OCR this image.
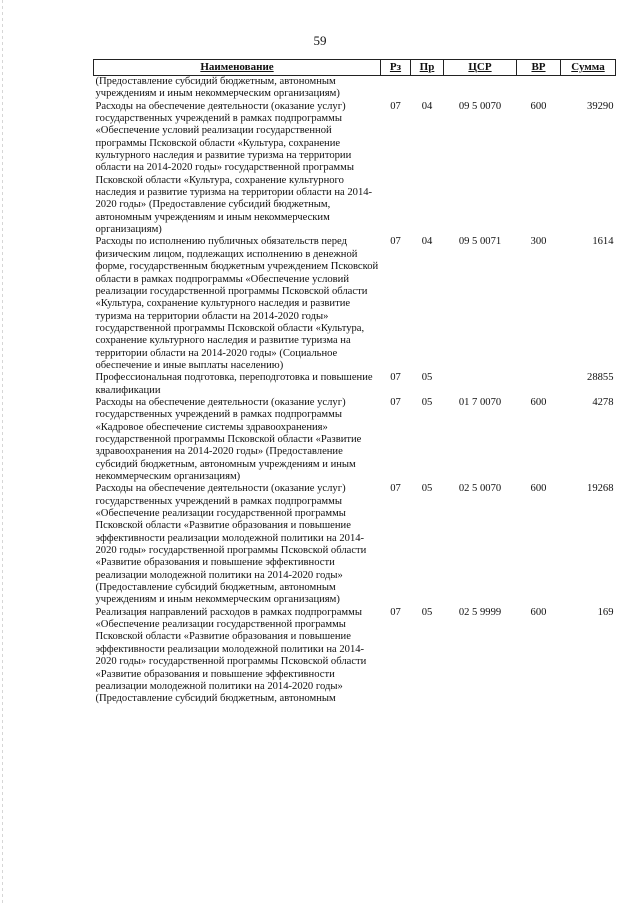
59
Наименование	Рз	Пр	ЦСР	ВР	Сумма
(Предоставление субсидий бюджетным, автономным учреждениям и иным некоммерческим организациям)					
Расходы на обеспечение деятельности (оказание услуг) государственных учреждений в рамках подпрограммы «Обеспечение условий реализации государственной программы Псковской области «Культура, сохранение культурного наследия и развитие туризма на территории области на 2014-2020 годы» государственной программы Псковской области «Культура, сохранение культурного наследия и развитие туризма на территории области на 2014-2020 годы» (Предоставление субсидий бюджетным, автономным учреждениям и иным некоммерческим организациям)	07	04	09 5 0070	600	39290
Расходы по исполнению публичных обязательств перед физическим лицом, подлежащих исполнению в денежной форме, государственным бюджетным учреждением Псковской области в рамках подпрограммы «Обеспечение условий реализации государственной программы Псковской области «Культура, сохранение культурного наследия и развитие туризма на территории области на 2014-2020 годы» государственной программы Псковской области «Культура, сохранение культурного наследия и развитие туризма на территории области на 2014-2020 годы» (Социальное обеспечение и иные выплаты населению)	07	04	09 5 0071	300	1614
Профессиональная подготовка, переподготовка и повышение квалификации	07	05			28855
Расходы на обеспечение деятельности (оказание услуг) государственных учреждений в рамках подпрограммы «Кадровое обеспечение системы здравоохранения» государственной программы Псковской области «Развитие здравоохранения на 2014-2020 годы» (Предоставление субсидий бюджетным, автономным учреждениям и иным некоммерческим организациям)	07	05	01 7 0070	600	4278
Расходы на обеспечение деятельности (оказание услуг) государственных учреждений в рамках подпрограммы «Обеспечение реализации государственной программы Псковской области «Развитие образования и повышение эффективности реализации молодежной политики на 2014-2020 годы» государственной программы Псковской области «Развитие образования и повышение эффективности реализации молодежной политики на 2014-2020 годы» (Предоставление субсидий бюджетным, автономным учреждениям и иным некоммерческим организациям)	07	05	02 5 0070	600	19268
Реализация направлений расходов в рамках подпрограммы «Обеспечение реализации государственной программы Псковской области «Развитие образования и повышение эффективности реализации молодежной политики на 2014-2020 годы» государственной программы Псковской области «Развитие образования и повышение эффективности реализации молодежной политики на 2014-2020 годы» (Предоставление субсидий бюджетным, автономным	07	05	02 5 9999	600	169
